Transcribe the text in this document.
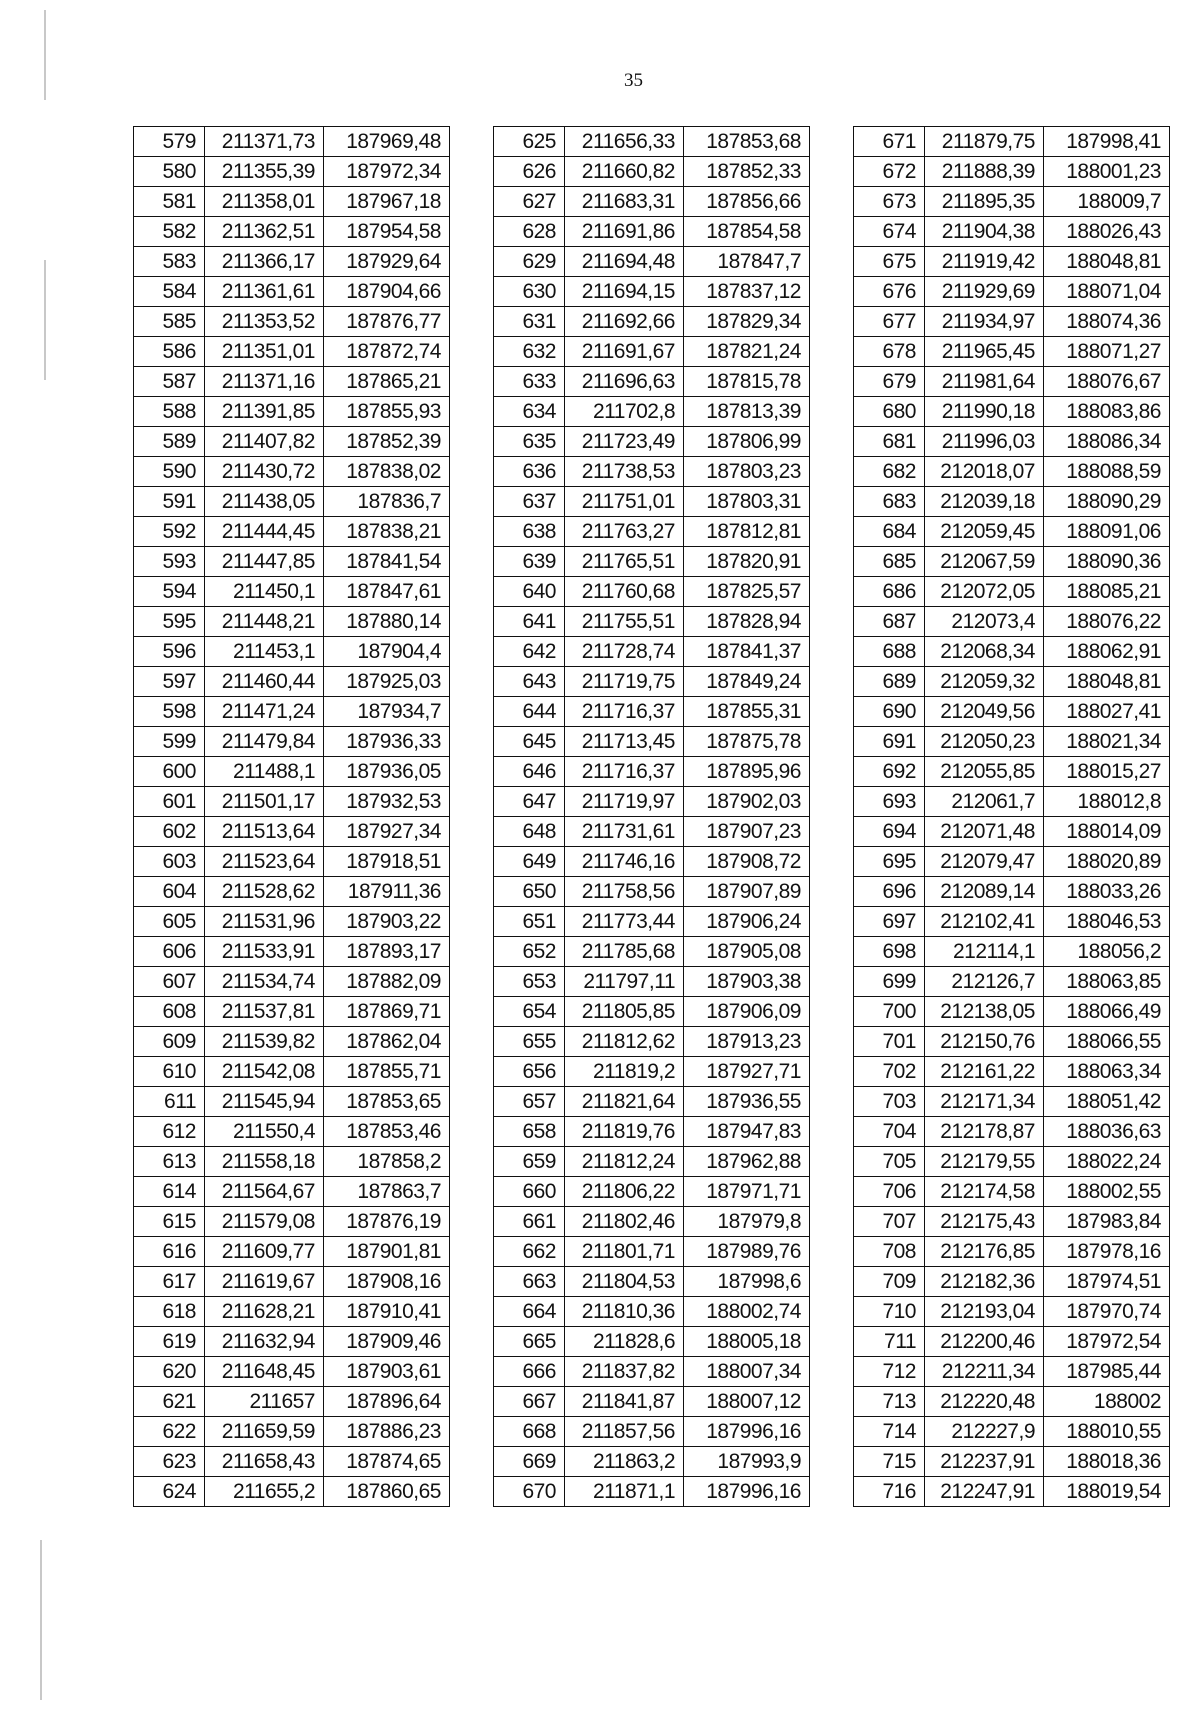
35
579	211371,73	187969,48
580	211355,39	187972,34
581	211358,01	187967,18
582	211362,51	187954,58
583	211366,17	187929,64
584	211361,61	187904,66
585	211353,52	187876,77
586	211351,01	187872,74
587	211371,16	187865,21
588	211391,85	187855,93
589	211407,82	187852,39
590	211430,72	187838,02
591	211438,05	187836,7
592	211444,45	187838,21
593	211447,85	187841,54
594	211450,1	187847,61
595	211448,21	187880,14
596	211453,1	187904,4
597	211460,44	187925,03
598	211471,24	187934,7
599	211479,84	187936,33
600	211488,1	187936,05
601	211501,17	187932,53
602	211513,64	187927,34
603	211523,64	187918,51
604	211528,62	187911,36
605	211531,96	187903,22
606	211533,91	187893,17
607	211534,74	187882,09
608	211537,81	187869,71
609	211539,82	187862,04
610	211542,08	187855,71
611	211545,94	187853,65
612	211550,4	187853,46
613	211558,18	187858,2
614	211564,67	187863,7
615	211579,08	187876,19
616	211609,77	187901,81
617	211619,67	187908,16
618	211628,21	187910,41
619	211632,94	187909,46
620	211648,45	187903,61
621	211657	187896,64
622	211659,59	187886,23
623	211658,43	187874,65
624	211655,2	187860,65
625	211656,33	187853,68
626	211660,82	187852,33
627	211683,31	187856,66
628	211691,86	187854,58
629	211694,48	187847,7
630	211694,15	187837,12
631	211692,66	187829,34
632	211691,67	187821,24
633	211696,63	187815,78
634	211702,8	187813,39
635	211723,49	187806,99
636	211738,53	187803,23
637	211751,01	187803,31
638	211763,27	187812,81
639	211765,51	187820,91
640	211760,68	187825,57
641	211755,51	187828,94
642	211728,74	187841,37
643	211719,75	187849,24
644	211716,37	187855,31
645	211713,45	187875,78
646	211716,37	187895,96
647	211719,97	187902,03
648	211731,61	187907,23
649	211746,16	187908,72
650	211758,56	187907,89
651	211773,44	187906,24
652	211785,68	187905,08
653	211797,11	187903,38
654	211805,85	187906,09
655	211812,62	187913,23
656	211819,2	187927,71
657	211821,64	187936,55
658	211819,76	187947,83
659	211812,24	187962,88
660	211806,22	187971,71
661	211802,46	187979,8
662	211801,71	187989,76
663	211804,53	187998,6
664	211810,36	188002,74
665	211828,6	188005,18
666	211837,82	188007,34
667	211841,87	188007,12
668	211857,56	187996,16
669	211863,2	187993,9
670	211871,1	187996,16
671	211879,75	187998,41
672	211888,39	188001,23
673	211895,35	188009,7
674	211904,38	188026,43
675	211919,42	188048,81
676	211929,69	188071,04
677	211934,97	188074,36
678	211965,45	188071,27
679	211981,64	188076,67
680	211990,18	188083,86
681	211996,03	188086,34
682	212018,07	188088,59
683	212039,18	188090,29
684	212059,45	188091,06
685	212067,59	188090,36
686	212072,05	188085,21
687	212073,4	188076,22
688	212068,34	188062,91
689	212059,32	188048,81
690	212049,56	188027,41
691	212050,23	188021,34
692	212055,85	188015,27
693	212061,7	188012,8
694	212071,48	188014,09
695	212079,47	188020,89
696	212089,14	188033,26
697	212102,41	188046,53
698	212114,1	188056,2
699	212126,7	188063,85
700	212138,05	188066,49
701	212150,76	188066,55
702	212161,22	188063,34
703	212171,34	188051,42
704	212178,87	188036,63
705	212179,55	188022,24
706	212174,58	188002,55
707	212175,43	187983,84
708	212176,85	187978,16
709	212182,36	187974,51
710	212193,04	187970,74
711	212200,46	187972,54
712	212211,34	187985,44
713	212220,48	188002
714	212227,9	188010,55
715	212237,91	188018,36
716	212247,91	188019,54
